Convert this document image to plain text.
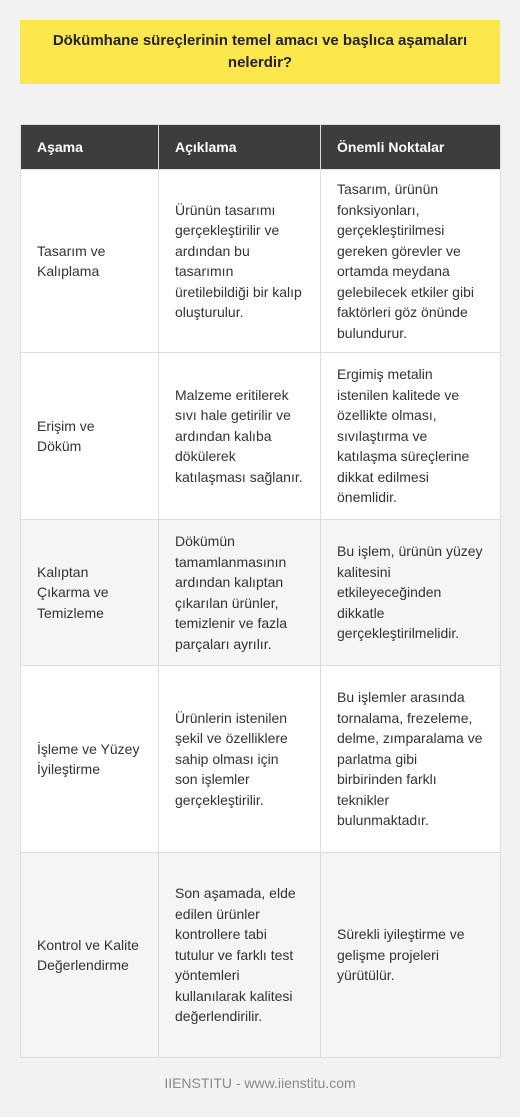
Dökümhane süreçlerinin temel amacı ve başlıca aşamaları nelerdir?
Aşama	Açıklama	Önemli Noktalar
Tasarım ve Kalıplama	Ürünün tasarımı gerçekleştirilir ve ardından bu tasarımın üretilebildiği bir kalıp oluşturulur.	Tasarım, ürünün fonksiyonları, gerçekleştirilmesi gereken görevler ve ortamda meydana gelebilecek etkiler gibi faktörleri göz önünde bulundurur.
Erişim ve Döküm	Malzeme eritilerek sıvı hale getirilir ve ardından kalıba dökülerek katılaşması sağlanır.	Ergimiş metalin istenilen kalitede ve özellikte olması, sıvılaştırma ve katılaşma süreçlerine dikkat edilmesi önemlidir.
Kalıptan Çıkarma ve Temizleme	Dökümün tamamlanmasının ardından kalıptan çıkarılan ürünler, temizlenir ve fazla parçaları ayrılır.	Bu işlem, ürünün yüzey kalitesini etkileyeceğinden dikkatle gerçekleştirilmelidir.
İşleme ve Yüzey İyileştirme	Ürünlerin istenilen şekil ve özelliklere sahip olması için son işlemler gerçekleştirilir.	Bu işlemler arasında tornalama, frezeleme, delme, zımparalama ve parlatma gibi birbirinden farklı teknikler bulunmaktadır.
Kontrol ve Kalite Değerlendirme	Son aşamada, elde edilen ürünler kontrollere tabi tutulur ve farklı test yöntemleri kullanılarak kalitesi değerlendirilir.	Sürekli iyileştirme ve gelişme projeleri yürütülür.
IIENSTITU - www.iienstitu.com
